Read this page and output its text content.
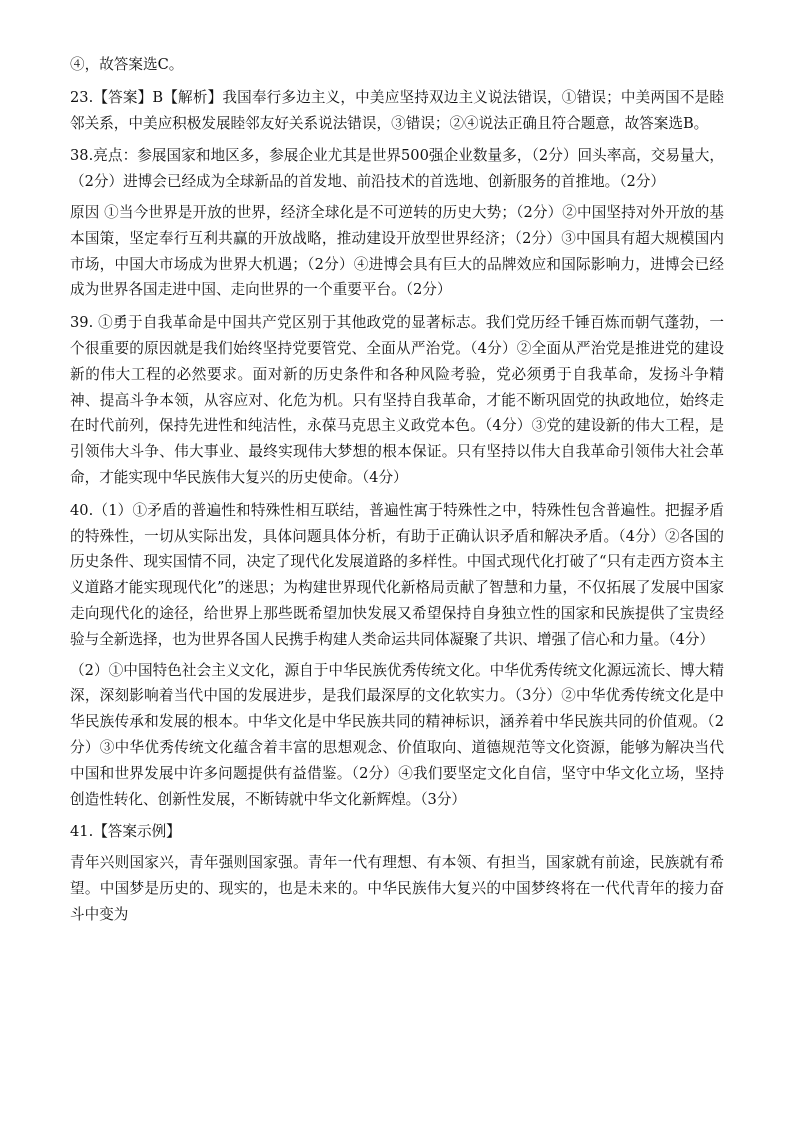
④，故答案选C。

23.【答案】B【解析】我国奉行多边主义，中美应坚持双边主义说法错误，①错误；中美两国不是睦邻关系，中美应积极发展睦邻友好关系说法错误，③错误；②④说法正确且符合题意，故答案选B。

38.亮点：参展国家和地区多，参展企业尤其是世界500强企业数量多，（2分）回头率高，交易量大，（2分）进博会已经成为全球新品的首发地、前沿技术的首选地、创新服务的首推地。（2分）

原因 ①当今世界是开放的世界，经济全球化是不可逆转的历史大势；（2分）②中国坚持对外开放的基本国策，坚定奉行互利共赢的开放战略，推动建设开放型世界经济；（2分）③中国具有超大规模国内市场，中国大市场成为世界大机遇；（2分）④进博会具有巨大的品牌效应和国际影响力，进博会已经成为世界各国走进中国、走向世界的一个重要平台。（2分）

39. ①勇于自我革命是中国共产党区别于其他政党的显著标志。我们党历经千锤百炼而朝气蓬勃，一个很重要的原因就是我们始终坚持党要管党、全面从严治党。（4分）②全面从严治党是推进党的建设新的伟大工程的必然要求。面对新的历史条件和各种风险考验，党必须勇于自我革命，发扬斗争精神、提高斗争本领，从容应对、化危为机。只有坚持自我革命，才能不断巩固党的执政地位，始终走在时代前列，保持先进性和纯洁性，永葆马克思主义政党本色。（4分）③党的建设新的伟大工程，是引领伟大斗争、伟大事业、最终实现伟大梦想的根本保证。只有坚持以伟大自我革命引领伟大社会革命，才能实现中华民族伟大复兴的历史使命。（4分）

40.（1）①矛盾的普遍性和特殊性相互联结，普遍性寓于特殊性之中，特殊性包含普遍性。把握矛盾的特殊性，一切从实际出发，具体问题具体分析，有助于正确认识矛盾和解决矛盾。（4分）②各国的历史条件、现实国情不同，决定了现代化发展道路的多样性。中国式现代化打破了“只有走西方资本主义道路才能实现现代化”的迷思；为构建世界现代化新格局贡献了智慧和力量，不仅拓展了发展中国家走向现代化的途径，给世界上那些既希望加快发展又希望保持自身独立性的国家和民族提供了宝贵经验与全新选择，也为世界各国人民携手构建人类命运共同体凝聚了共识、增强了信心和力量。（4分）

（2）①中国特色社会主义文化，源自于中华民族优秀传统文化。中华优秀传统文化源远流长、博大精深，深刻影响着当代中国的发展进步，是我们最深厚的文化软实力。（3分）②中华优秀传统文化是中华民族传承和发展的根本。中华文化是中华民族共同的精神标识，涵养着中华民族共同的价值观。（2分）③中华优秀传统文化蕴含着丰富的思想观念、价值取向、道德规范等文化资源，能够为解决当代中国和世界发展中许多问题提供有益借鉴。（2分）④我们要坚定文化自信，坚守中华文化立场，坚持创造性转化、创新性发展，不断铸就中华文化新辉煌。（3分）

41.【答案示例】

青年兴则国家兴，青年强则国家强。青年一代有理想、有本领、有担当，国家就有前途，民族就有希望。中国梦是历史的、现实的，也是未来的。中华民族伟大复兴的中国梦终将在一代代青年的接力奋斗中变为
